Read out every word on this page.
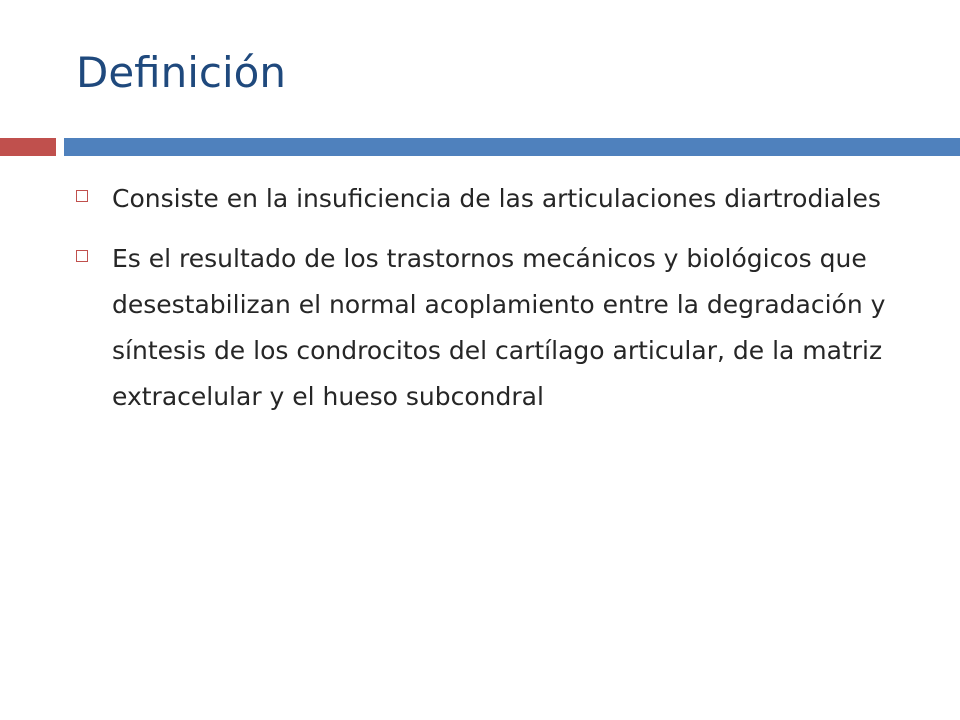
Definición
Consiste en la insuficiencia de las articulaciones diartrodiales
Es el resultado de los trastornos mecánicos y biológicos que desestabilizan el normal acoplamiento entre la degradación y síntesis de los condrocitos del cartílago articular, de la matriz extracelular y el hueso subcondral
